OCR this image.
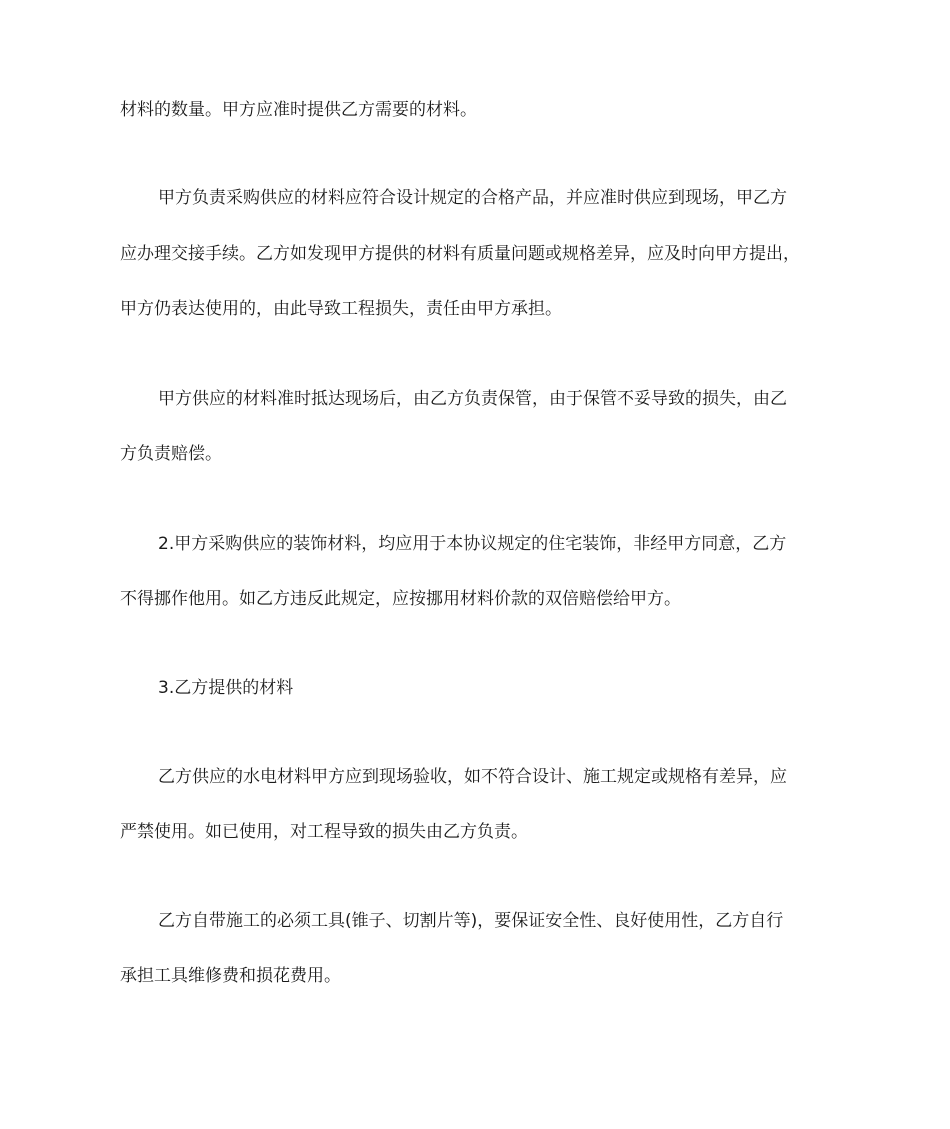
材料的数量。甲方应准时提供乙方需要的材料。
甲方负责采购供应的材料应符合设计规定的合格产品，并应准时供应到现场，甲乙方
应办理交接手续。乙方如发现甲方提供的材料有质量问题或规格差异，应及时向甲方提出，
甲方仍表达使用的，由此导致工程损失，责任由甲方承担。
甲方供应的材料准时抵达现场后，由乙方负责保管，由于保管不妥导致的损失，由乙
方负责赔偿。
2.甲方采购供应的装饰材料，均应用于本协议规定的住宅装饰，非经甲方同意，乙方
不得挪作他用。如乙方违反此规定，应按挪用材料价款的双倍赔偿给甲方。
3.乙方提供的材料
乙方供应的水电材料甲方应到现场验收，如不符合设计、施工规定或规格有差异，应
严禁使用。如已使用，对工程导致的损失由乙方负责。
乙方自带施工的必须工具(锥子、切割片等)，要保证安全性、良好使用性，乙方自行
承担工具维修费和损花费用。
